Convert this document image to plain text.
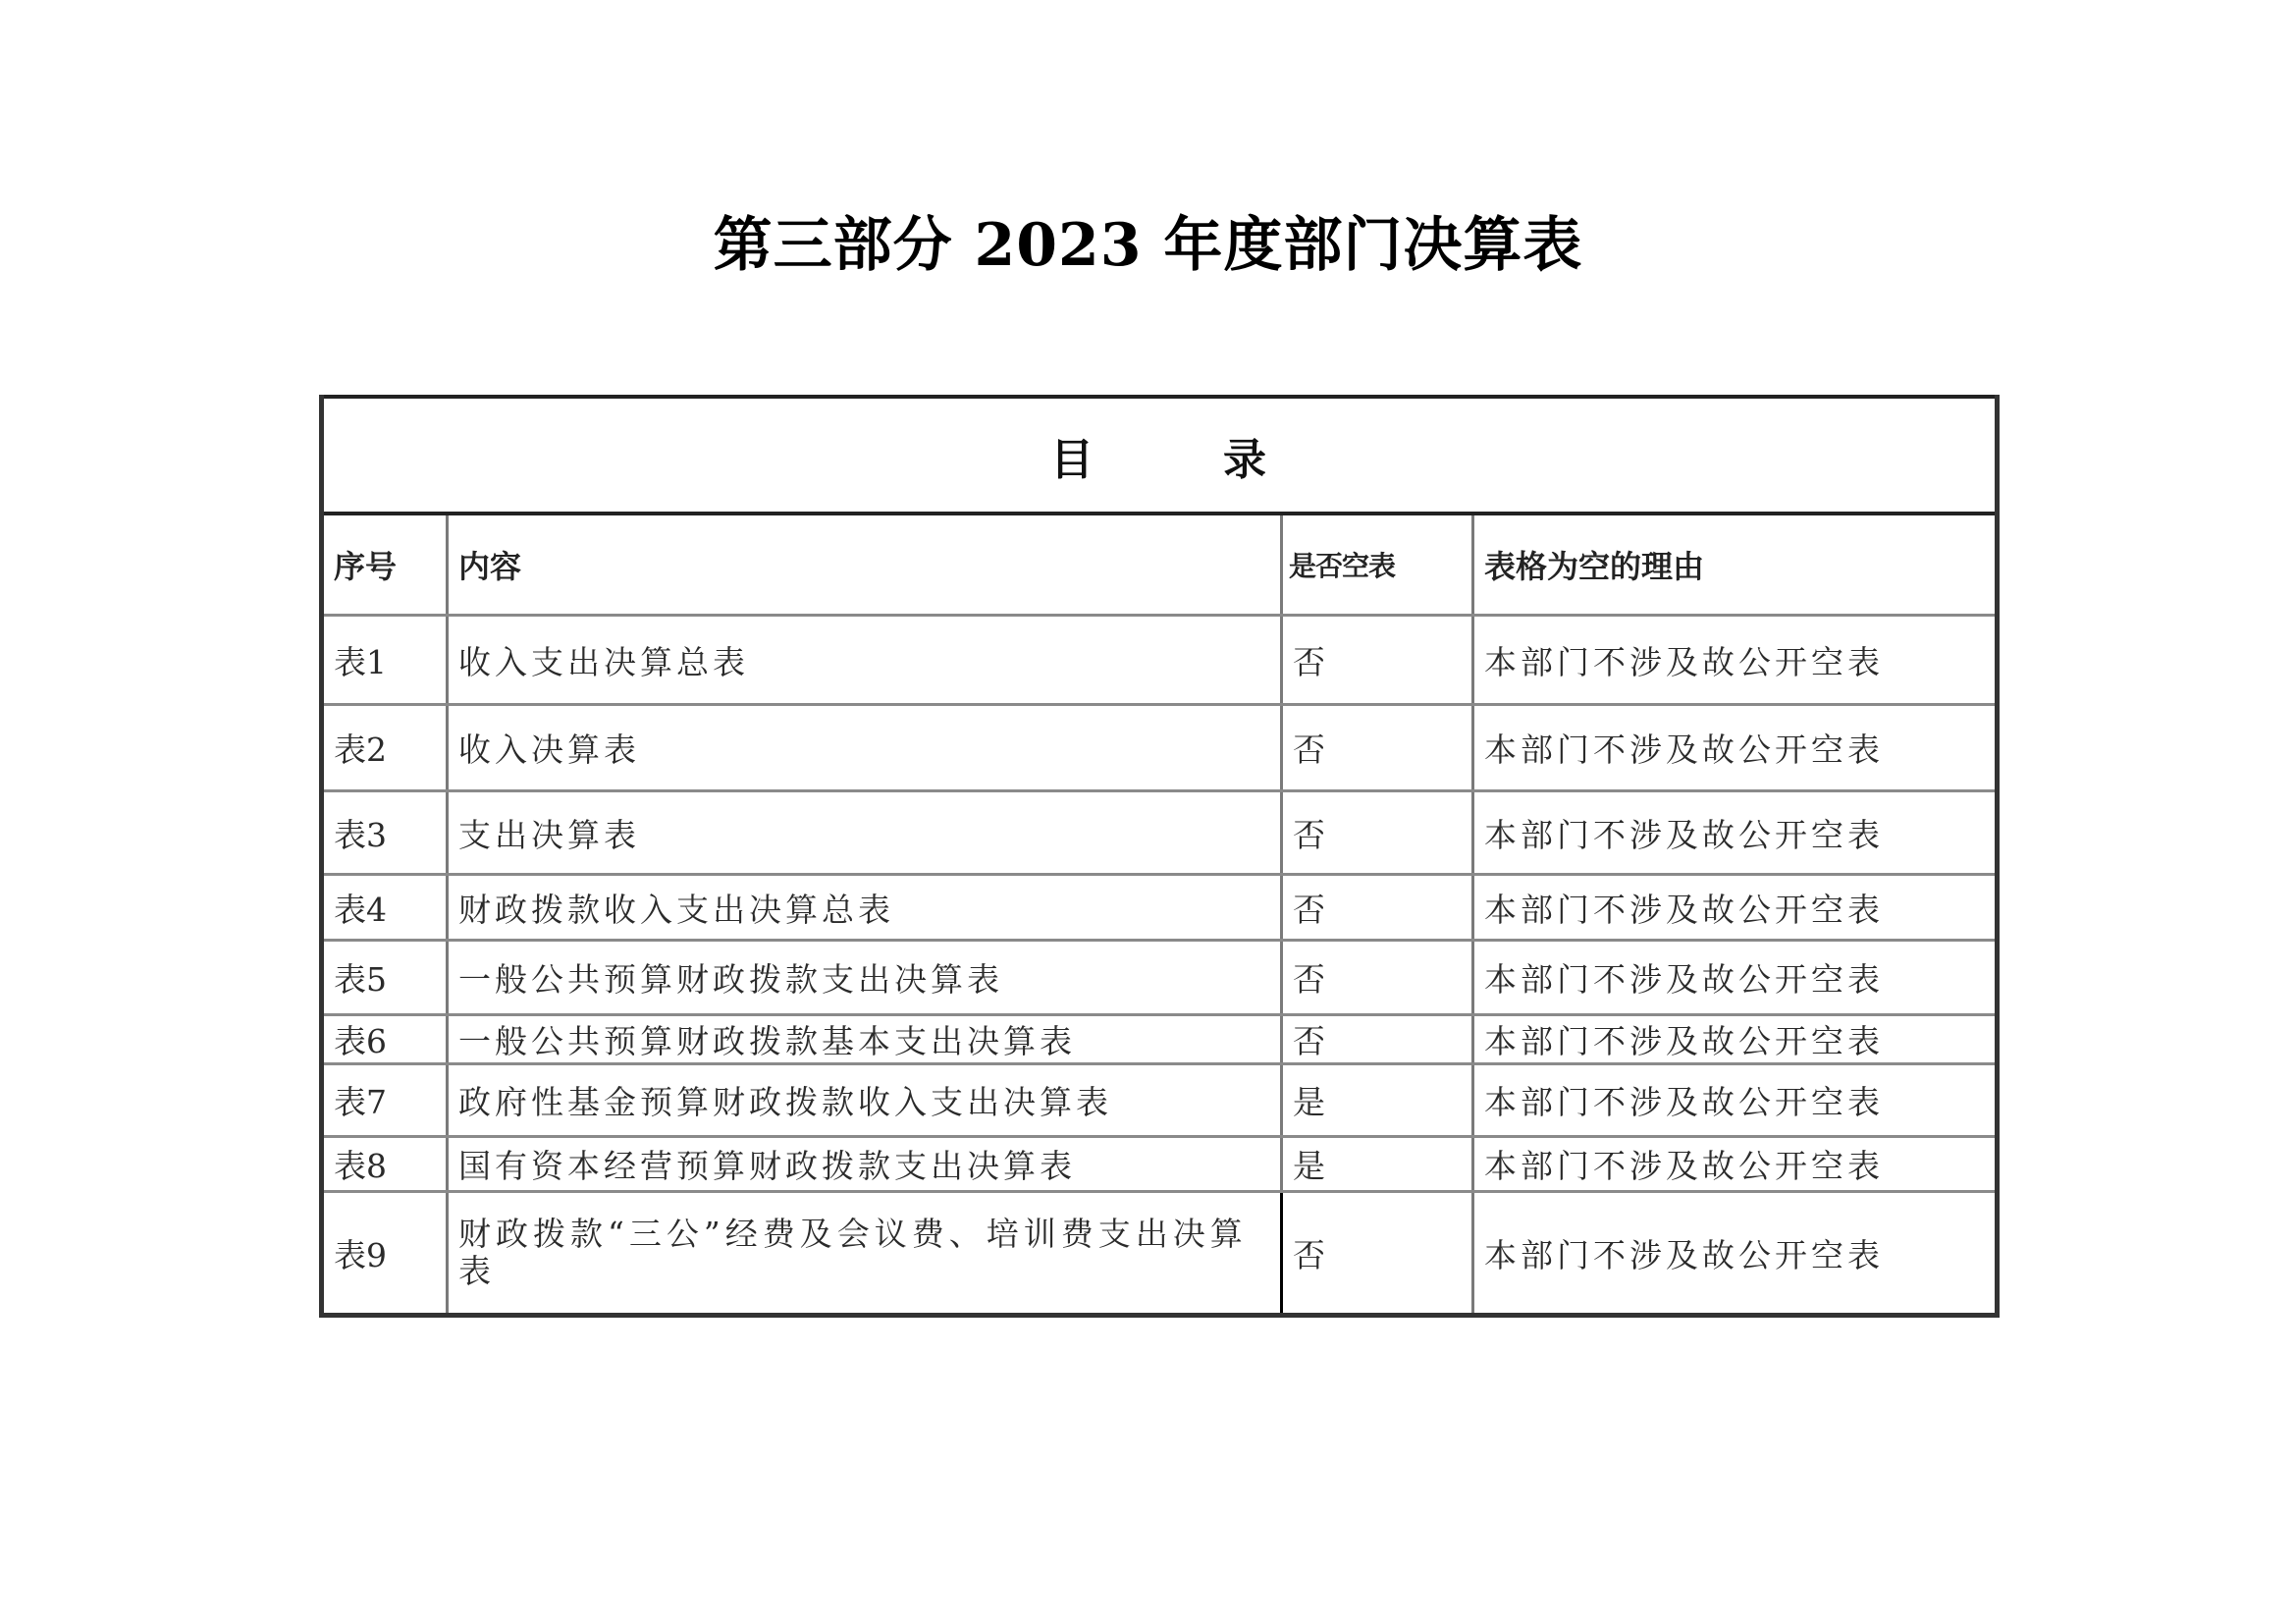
第三部分 2023 年度部门决算表
目 录			
序号	内容	是否空表	表格为空的理由
表1	收入支出决算总表	否	本部门不涉及故公开空表
表2	收入决算表	否	本部门不涉及故公开空表
表3	支出决算表	否	本部门不涉及故公开空表
表4	财政拨款收入支出决算总表	否	本部门不涉及故公开空表
表5	一般公共预算财政拨款支出决算表	否	本部门不涉及故公开空表
表6	一般公共预算财政拨款基本支出决算表	否	本部门不涉及故公开空表
表7	政府性基金预算财政拨款收入支出决算表	是	本部门不涉及故公开空表
表8	国有资本经营预算财政拨款支出决算表	是	本部门不涉及故公开空表
表9	财政拨款“三公”经费及会议费、培训费支出决算表	否	本部门不涉及故公开空表
